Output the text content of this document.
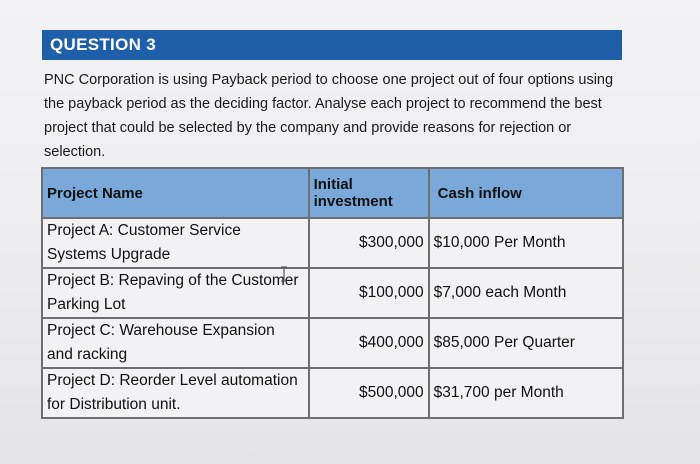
QUESTION 3
PNC Corporation is using Payback period to choose one project out of four options using the payback period as the deciding factor. Analyse each project to recommend the best project that could be selected by the company and provide reasons for rejection or selection.
Project Name	Initial investment	Cash inflow
Project A: Customer Service Systems Upgrade	$300,000	$10,000 Per Month
Project B: Repaving of the Customer Parking Lot	$100,000	$7,000 each Month
Project C: Warehouse Expansion and racking	$400,000	$85,000 Per Quarter
Project D: Reorder Level automation for Distribution unit.	$500,000	$31,700 per Month
